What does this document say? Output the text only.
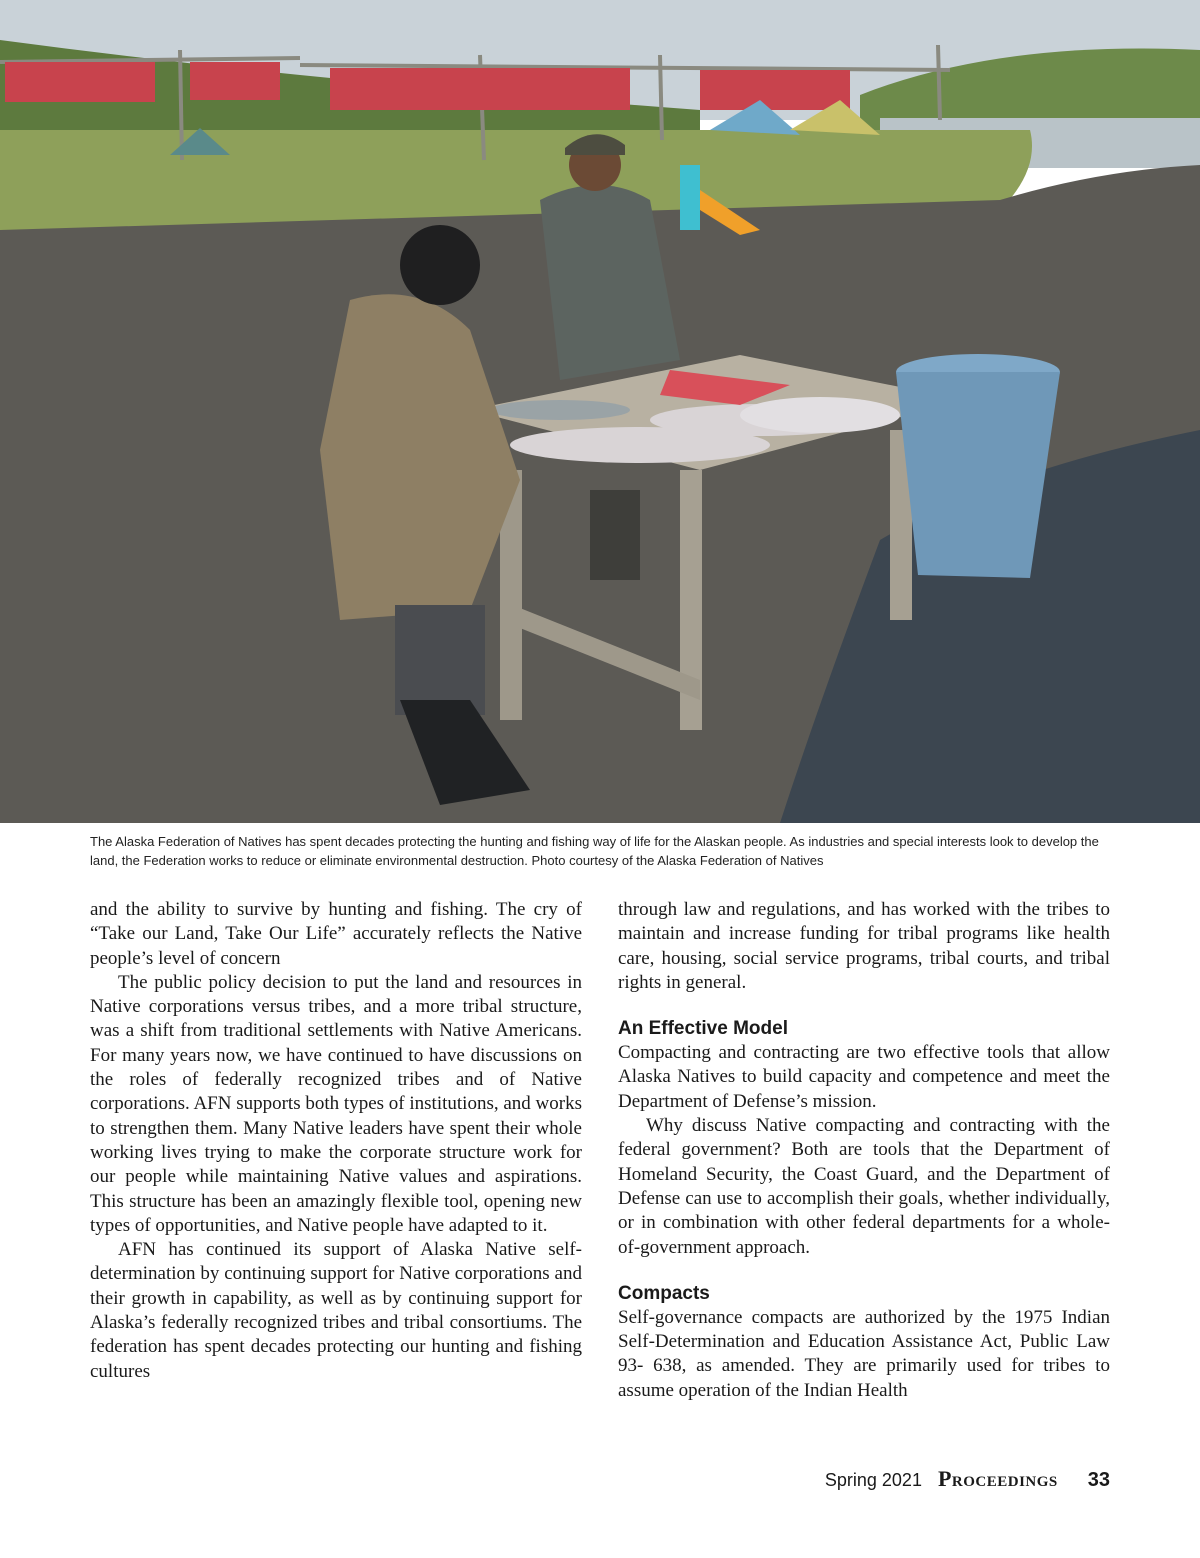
The Alaska Federation of Natives has spent decades protecting the hunting and fishing way of life for the Alaskan people. As industries and special interests look to develop the land, the Federation works to reduce or eliminate environmental destruction. Photo courtesy of the Alaska Federation of Natives

and the ability to survive by hunting and fishing. The cry of “Take our Land, Take Our Life” accurately reflects the Native people’s level of concern

The public policy decision to put the land and resources in Native corporations versus tribes, and a more tribal structure, was a shift from traditional settlements with Native Americans. For many years now, we have continued to have discussions on the roles of federally recognized tribes and of Native corporations. AFN supports both types of institutions, and works to strengthen them. Many Native leaders have spent their whole working lives trying to make the corporate structure work for our people while maintaining Native values and aspirations. This structure has been an amazingly flexible tool, opening new types of opportunities, and Native people have adapted to it.

AFN has continued its support of Alaska Native self-determination by continuing support for Native corporations and their growth in capability, as well as by continuing support for Alaska’s federally recognized tribes and tribal consortiums. The federation has spent decades protecting our hunting and fishing cultures

through law and regulations, and has worked with the tribes to maintain and increase funding for tribal programs like health care, housing, social service programs, tribal courts, and tribal rights in general.

An Effective Model

Compacting and contracting are two effective tools that allow Alaska Natives to build capacity and competence and meet the Department of Defense’s mission.

Why discuss Native compacting and contracting with the federal government? Both are tools that the Department of Homeland Security, the Coast Guard, and the Department of Defense can use to accomplish their goals, whether individually, or in combination with other federal departments for a whole-of-government approach.

Compacts

Self-governance compacts are authorized by the 1975 Indian Self-Determination and Education Assistance Act, Public Law 93- 638, as amended. They are primarily used for tribes to assume operation of the Indian Health

Spring 2021 Proceedings 33
